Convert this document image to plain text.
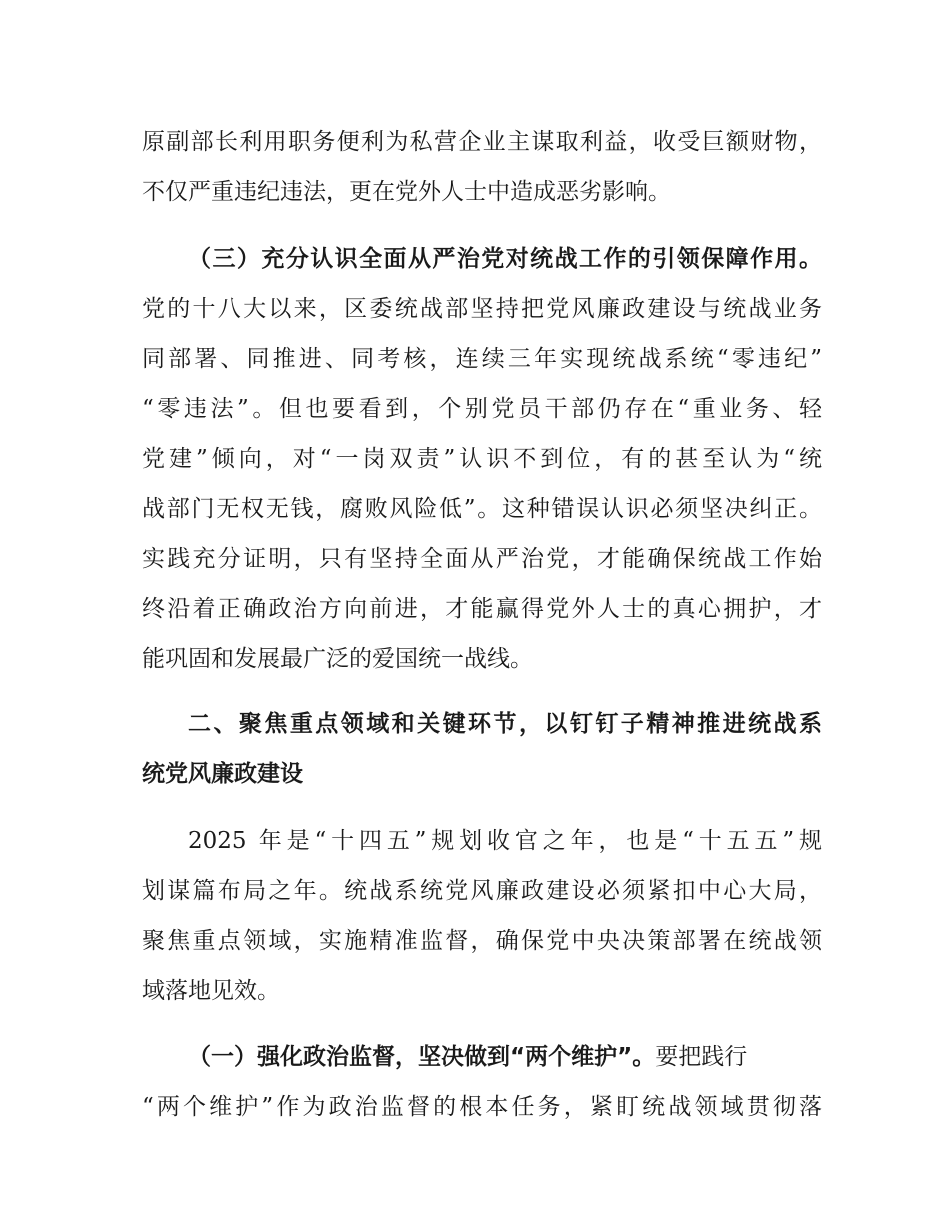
原副部长利用职务便利为私营企业主谋取利益，收受巨额财物，
不仅严重违纪违法，更在党外人士中造成恶劣影响。
（三）充分认识全面从严治党对统战工作的引领保障作用。
党的十八大以来，区委统战部坚持把党风廉政建设与统战业务
同部署、同推进、同考核，连续三年实现统战系统“零违纪”
“零违法”。但也要看到，个别党员干部仍存在“重业务、轻
党建”倾向，对“一岗双责”认识不到位，有的甚至认为“统
战部门无权无钱，腐败风险低”。这种错误认识必须坚决纠正。
实践充分证明，只有坚持全面从严治党，才能确保统战工作始
终沿着正确政治方向前进，才能赢得党外人士的真心拥护，才
能巩固和发展最广泛的爱国统一战线。
二、聚焦重点领域和关键环节，以钉钉子精神推进统战系
统党风廉政建设
2025 年是“十四五”规划收官之年，也是“十五五”规
划谋篇布局之年。统战系统党风廉政建设必须紧扣中心大局，
聚焦重点领域，实施精准监督，确保党中央决策部署在统战领
域落地见效。
（一）强化政治监督，坚决做到“两个维护”。要把践行
“两个维护”作为政治监督的根本任务，紧盯统战领域贯彻落
